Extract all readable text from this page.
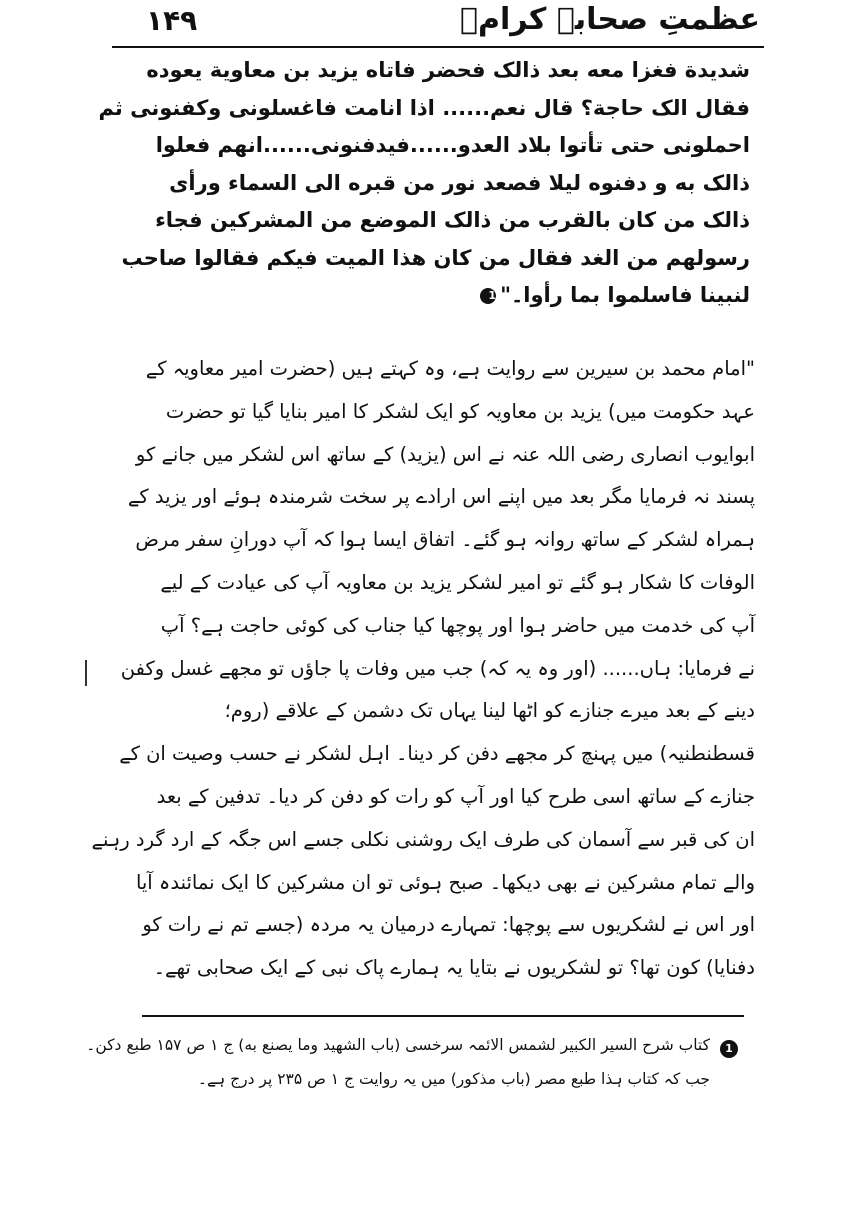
عظمتِ صحابہ کرامؓ
۱۴۹
شديدة فغزا معه بعد ذالک فحضر فاتاه يزيد بن معاوية يعوده
فقال الک حاجة؟ قال نعم...... اذا انامت فاغسلونی وکفنونی ثم
احملونی حتی تأتوا بلاد العدو......فيدفنونی......انهم فعلوا
ذالک به و دفنوه ليلا فصعد نور من قبره الی السماء ورأی
ذالک من کان بالقرب من ذالک الموضع من المشرکين فجاء
رسولهم من الغد فقال من کان هذا الميت فيکم فقالوا صاحب
لنبينا فاسلموا بما رأوا۔"1
"امام محمد بن سیرین سے روایت ہے، وہ کہتے ہیں (حضرت امیر معاویہ کے
عہد حکومت میں) یزید بن معاویہ کو ایک لشکر کا امیر بنایا گیا تو حضرت
ابوایوب انصاری رضی اللہ عنہ نے اس (یزید) کے ساتھ اس لشکر میں جانے کو
پسند نہ فرمایا مگر بعد میں اپنے اس ارادے پر سخت شرمندہ ہوئے اور یزید کے
ہمراہ لشکر کے ساتھ روانہ ہو گئے۔ اتفاق ایسا ہوا کہ آپ دورانِ سفر مرض
الوفات کا شکار ہو گئے تو امیر لشکر یزید بن معاویہ آپ کی عیادت کے لیے
آپ کی خدمت میں حاضر ہوا اور پوچھا کیا جناب کی کوئی حاجت ہے؟ آپ
نے فرمایا: ہاں...... (اور وہ یہ کہ) جب میں وفات پا جاؤں تو مجھے غسل وکفن
دینے کے بعد میرے جنازے کو اٹھا لینا یہاں تک دشمن کے علاقے (روم؛
قسطنطنیہ) میں پہنچ کر مجھے دفن کر دینا۔ اہل لشکر نے حسب وصیت ان کے
جنازے کے ساتھ اسی طرح کیا اور آپ کو رات کو دفن کر دیا۔ تدفین کے بعد
ان کی قبر سے آسمان کی طرف ایک روشنی نکلی جسے اس جگہ کے ارد گرد رہنے
والے تمام مشرکین نے بھی دیکھا۔ صبح ہوئی تو ان مشرکین کا ایک نمائندہ آیا
اور اس نے لشکریوں سے پوچھا: تمہارے درمیان یہ مردہ (جسے تم نے رات کو
دفنایا) کون تھا؟ تو لشکریوں نے بتایا یہ ہمارے پاک نبی کے ایک صحابی تھے۔
1
کتاب شرح السیر الکبیر لشمس الائمہ سرخسی (باب الشهيد وما يصنع به) ج ۱ ص ۱۵۷ طبع دکن۔
جب کہ کتاب ہذا طبع مصر (باب مذکور) میں یہ روایت ج ۱ ص ۲۳۵ پر درج ہے۔
